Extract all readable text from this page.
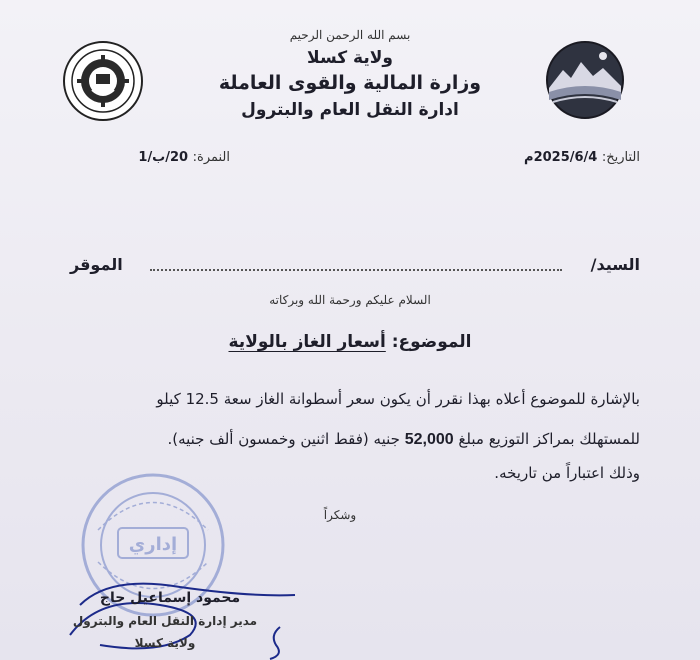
بسم الله الرحمن الرحيم
ولاية كسلا
وزارة المالية والقوى العاملة
ادارة النقل العام والبترول
التاريخ: 2025/6/4م
النمرة: 20/ب/1
السيد/
الموقر
السلام عليكم ورحمة الله وبركاته
الموضوع: أسعار الغاز بالولاية
بالإشارة للموضوع أعلاه بهذا نقرر أن يكون سعر أسطوانة الغاز سعة 12.5 كيلو
للمستهلك بمراكز التوزيع مبلغ 52,000 جنيه (فقط اثنين وخمسون ألف جنيه).
وذلك اعتباراً من تاريخه.
وشكراً
إداري
محمود إسماعيل حاج
مدير إدارة النقل العام والبترول
ولاية كسلا
